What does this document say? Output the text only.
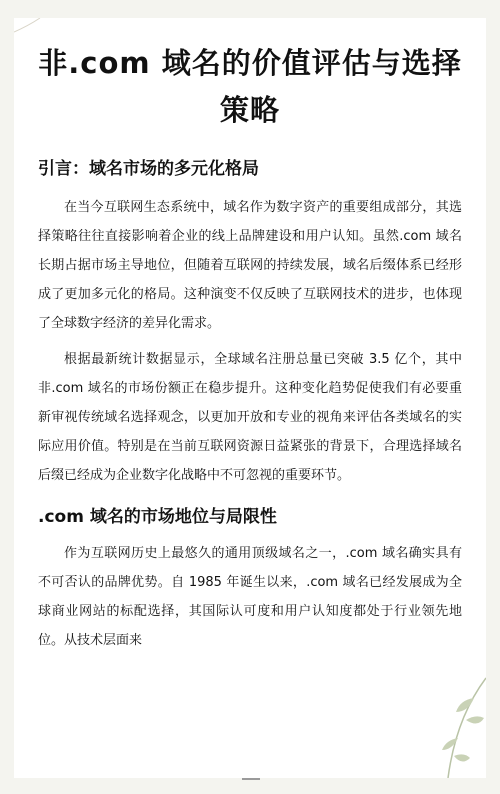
非.com 域名的价值评估与选择策略
引言：域名市场的多元化格局

在当今互联网生态系统中，域名作为数字资产的重要组成部分，其选择策略往往直接影响着企业的线上品牌建设和用户认知。虽然.com 域名长期占据市场主导地位，但随着互联网的持续发展，域名后缀体系已经形成了更加多元化的格局。这种演变不仅反映了互联网技术的进步，也体现了全球数字经济的差异化需求。

根据最新统计数据显示，全球域名注册总量已突破 3.5 亿个，其中非.com 域名的市场份额正在稳步提升。这种变化趋势促使我们有必要重新审视传统域名选择观念，以更加开放和专业的视角来评估各类域名的实际应用价值。特别是在当前互联网资源日益紧张的背景下，合理选择域名后缀已经成为企业数字化战略中不可忽视的重要环节。

.com 域名的市场地位与局限性

作为互联网历史上最悠久的通用顶级域名之一，.com 域名确实具有不可否认的品牌优势。自 1985 年诞生以来，.com 域名已经发展成为全球商业网站的标配选择，其国际认可度和用户认知度都处于行业领先地位。从技术层面来
